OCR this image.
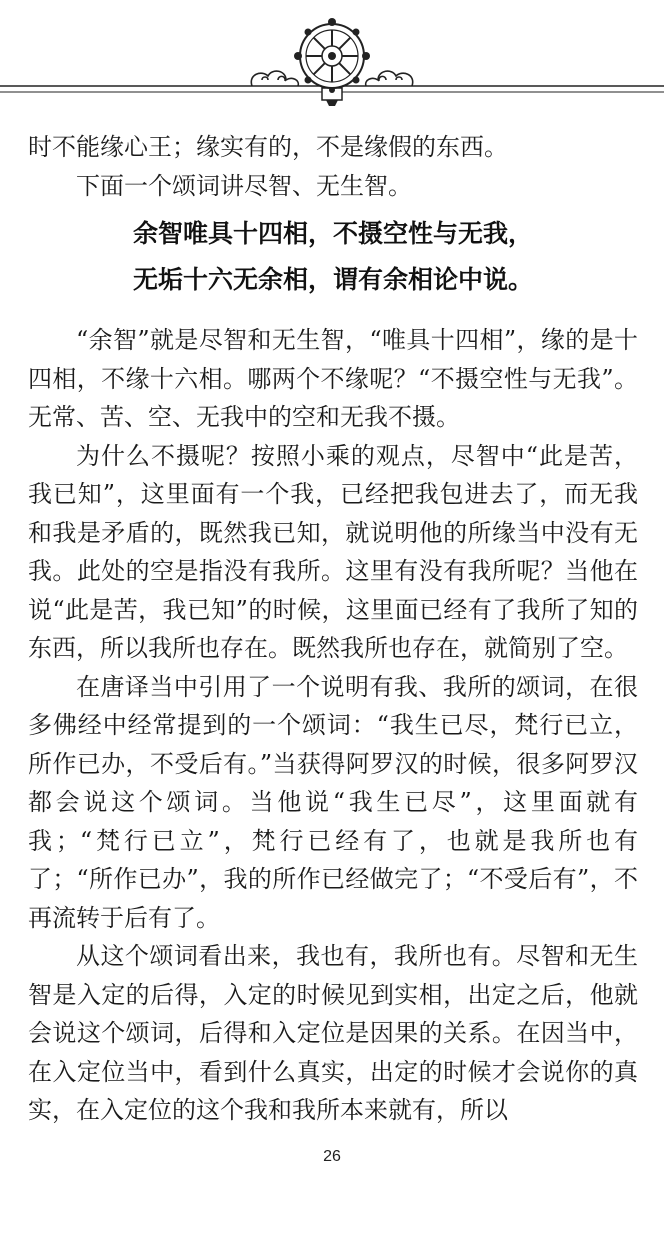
时不能缘心王；缘实有的，不是缘假的东西。

下面一个颂词讲尽智、无生智。

余智唯具十四相，不摄空性与无我，
无垢十六无余相，谓有余相论中说。

“余智”就是尽智和无生智，“唯具十四相”，缘的是十四相，不缘十六相。哪两个不缘呢？“不摄空性与无我”。无常、苦、空、无我中的空和无我不摄。

为什么不摄呢？按照小乘的观点，尽智中“此是苦，我已知”，这里面有一个我，已经把我包进去了，而无我和我是矛盾的，既然我已知，就说明他的所缘当中没有无我。此处的空是指没有我所。这里有没有我所呢？当他在说“此是苦，我已知”的时候，这里面已经有了我所了知的东西，所以我所也存在。既然我所也存在，就简别了空。

在唐译当中引用了一个说明有我、我所的颂词，在很多佛经中经常提到的一个颂词：“我生已尽，梵行已立，所作已办，不受后有。”当获得阿罗汉的时候，很多阿罗汉都会说这个颂词。当他说“我生已尽”，这里面就有我；“梵行已立”，梵行已经有了，也就是我所也有了；“所作已办”，我的所作已经做完了；“不受后有”，不再流转于后有了。

从这个颂词看出来，我也有，我所也有。尽智和无生智是入定的后得，入定的时候见到实相，出定之后，他就会说这个颂词，后得和入定位是因果的关系。在因当中，在入定位当中，看到什么真实，出定的时候才会说你的真实，在入定位的这个我和我所本来就有，所以

26
